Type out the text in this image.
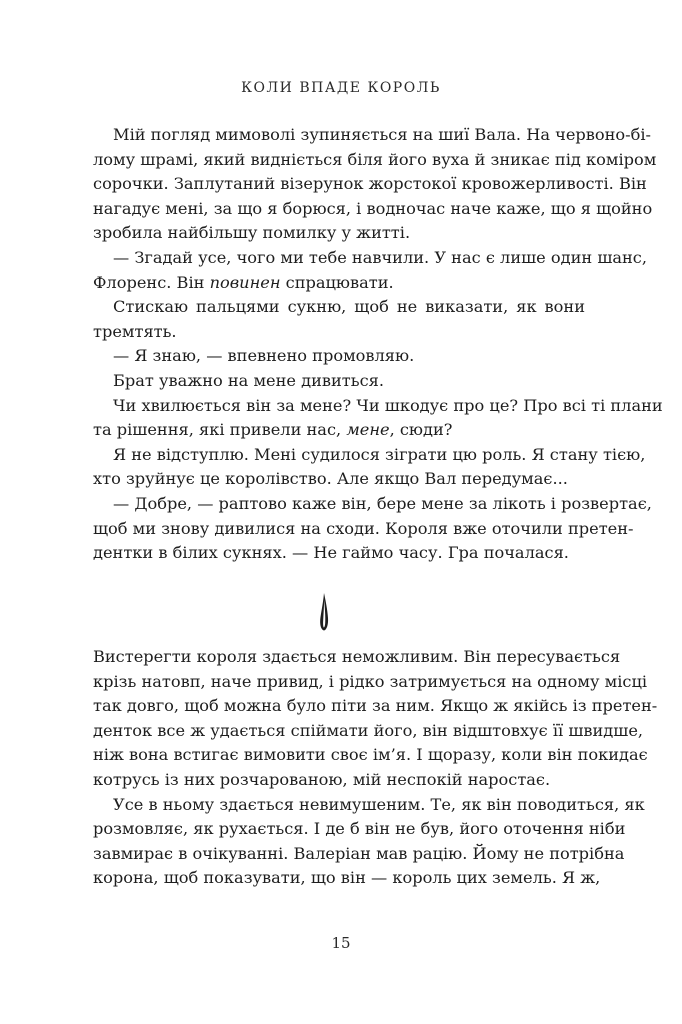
КОЛИ ВПАДЕ КОРОЛЬ
Мій погляд мимоволі зупиняється на шиї Вала. На червоно-бі-
лому шрамі, який видніється біля його вуха й зникає під коміром
сорочки. Заплутаний візерунок жорстокої кровожерливості. Він
нагадує мені, за що я борюся, і водночас наче каже, що я щойно
зробила найбільшу помилку у житті.
— Згадай усе, чого ми тебе навчили. У нас є лише один шанс,
Флоренс. Він повинен спрацювати.
Стискаю пальцями сукню, щоб не виказати, як вони
тремтять.
— Я знаю, — впевнено промовляю.
Брат уважно на мене дивиться.
Чи хвилюється він за мене? Чи шкодує про це? Про всі ті плани
та рішення, які привели нас, мене, сюди?
Я не відступлю. Мені судилося зіграти цю роль. Я стану тією,
хто зруйнує це королівство. Але якщо Вал передумає...
— Добре, — раптово каже він, бере мене за лікоть і розвертає,
щоб ми знову дивилися на сходи. Короля вже оточили претен-
дентки в білих сукнях. — Не гаймо часу. Гра почалася.
Вистерегти короля здається неможливим. Він пересувається
крізь натовп, наче привид, і рідко затримується на одному місці
так довго, щоб можна було піти за ним. Якщо ж якійсь із претен-
денток все ж удається спіймати його, він відштовхує її швидше,
ніж вона встигає вимовити своє ім’я. І щоразу, коли він покидає
котрусь із них розчарованою, мій неспокій наростає.
Усе в ньому здається невимушеним. Те, як він поводиться, як
розмовляє, як рухається. І де б він не був, його оточення ніби
завмирає в очікуванні. Валеріан мав рацію. Йому не потрібна
корона, щоб показувати, що він — король цих земель. Я ж,
15
